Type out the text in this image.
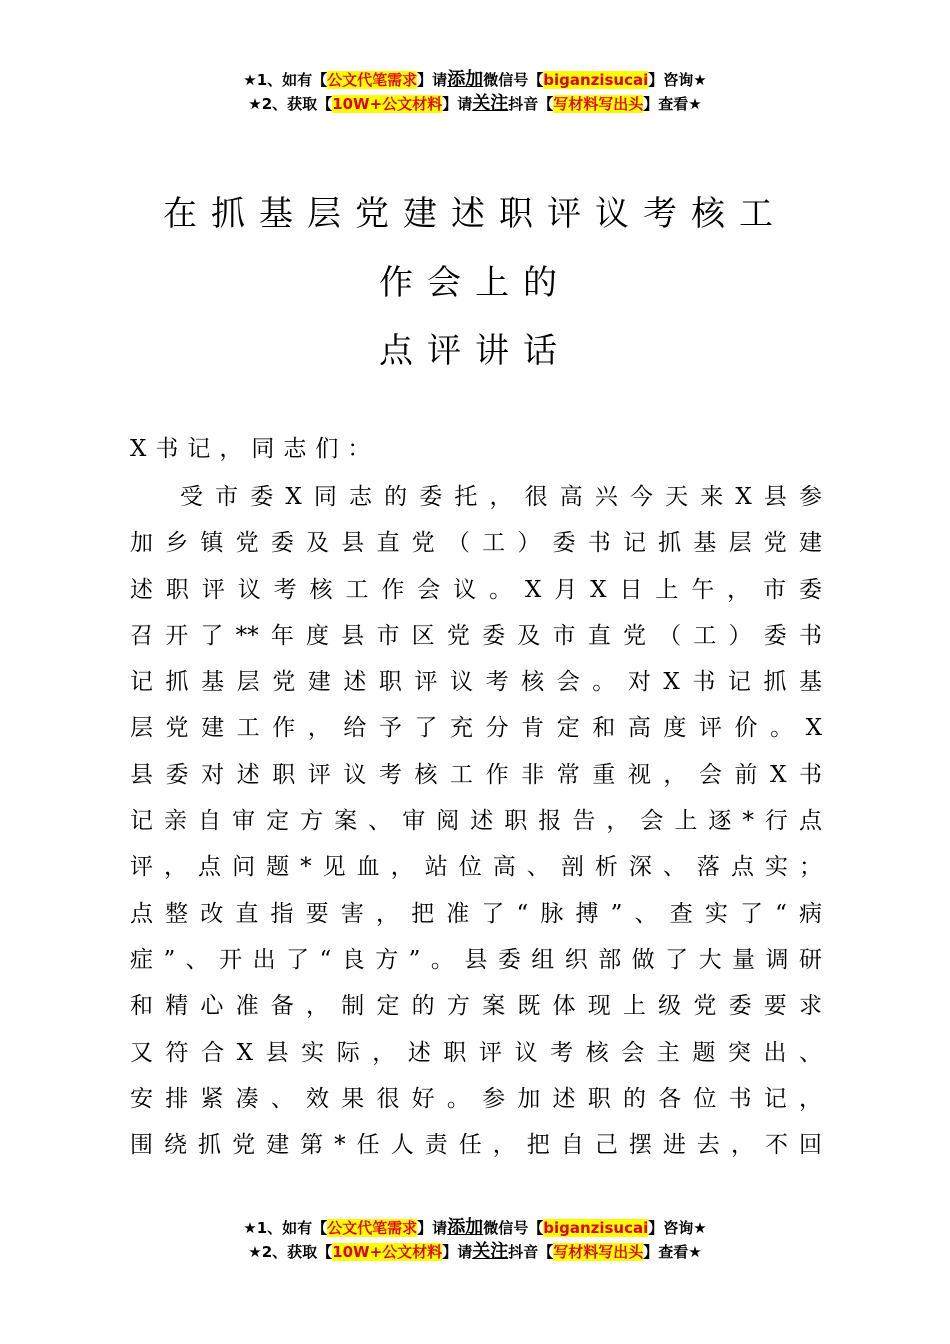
★1、如有【公文代笔需求】请添加微信号【biganzisucai】咨询★
★2、获取【10W+公文材料】请关注抖音【写材料写出头】查看★
在抓基层党建述职评议考核工
作会上的
点评讲话
X书记，同志们：
受市委X同志的委托，很高兴今天来X县参
加乡镇党委及县直党（工）委书记抓基层党建
述职评议考核工作会议。X月X日上午，市委
召开了**年度县市区党委及市直党（工）委书
记抓基层党建述职评议考核会。对X书记抓基
层党建工作，给予了充分肯定和高度评价。X
县委对述职评议考核工作非常重视，会前X书
记亲自审定方案、审阅述职报告，会上逐*行点
评，点问题*见血，站位高、剖析深、落点实；
点整改直指要害，把准了“脉搏”、查实了“病
症”、开出了“良方”。县委组织部做了大量调研
和精心准备，制定的方案既体现上级党委要求
又符合X县实际，述职评议考核会主题突出、
安排紧凑、效果很好。参加述职的各位书记，
围绕抓党建第*任人责任，把自己摆进去，不回
★1、如有【公文代笔需求】请添加微信号【biganzisucai】咨询★
★2、获取【10W+公文材料】请关注抖音【写材料写出头】查看★
